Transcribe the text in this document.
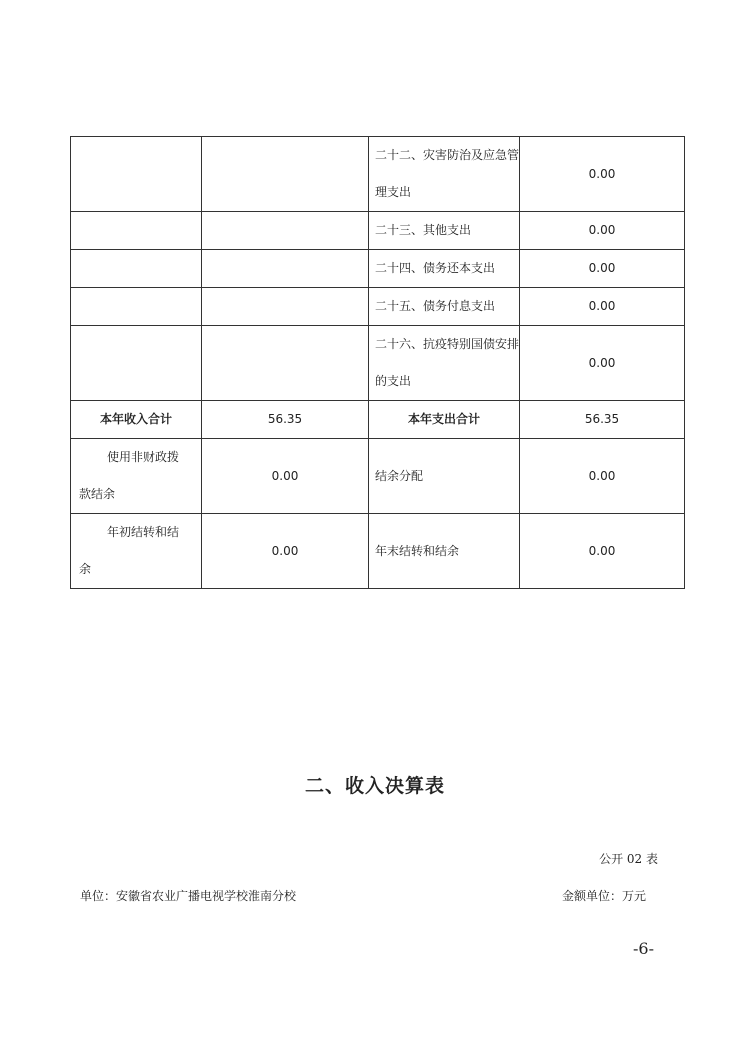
		二十二、灾害防治及应急管理支出	0.00
		二十三、其他支出	0.00
		二十四、债务还本支出	0.00
		二十五、债务付息支出	0.00
		二十六、抗疫特别国债安排的支出	0.00
本年收入合计	56.35	本年支出合计	56.35
使用非财政拨款结余	0.00	结余分配	0.00
年初结转和结余	0.00	年末结转和结余	0.00
二、收入决算表
公开 02 表
单位：安徽省农业广播电视学校淮南分校	金额单位：万元
-6-
